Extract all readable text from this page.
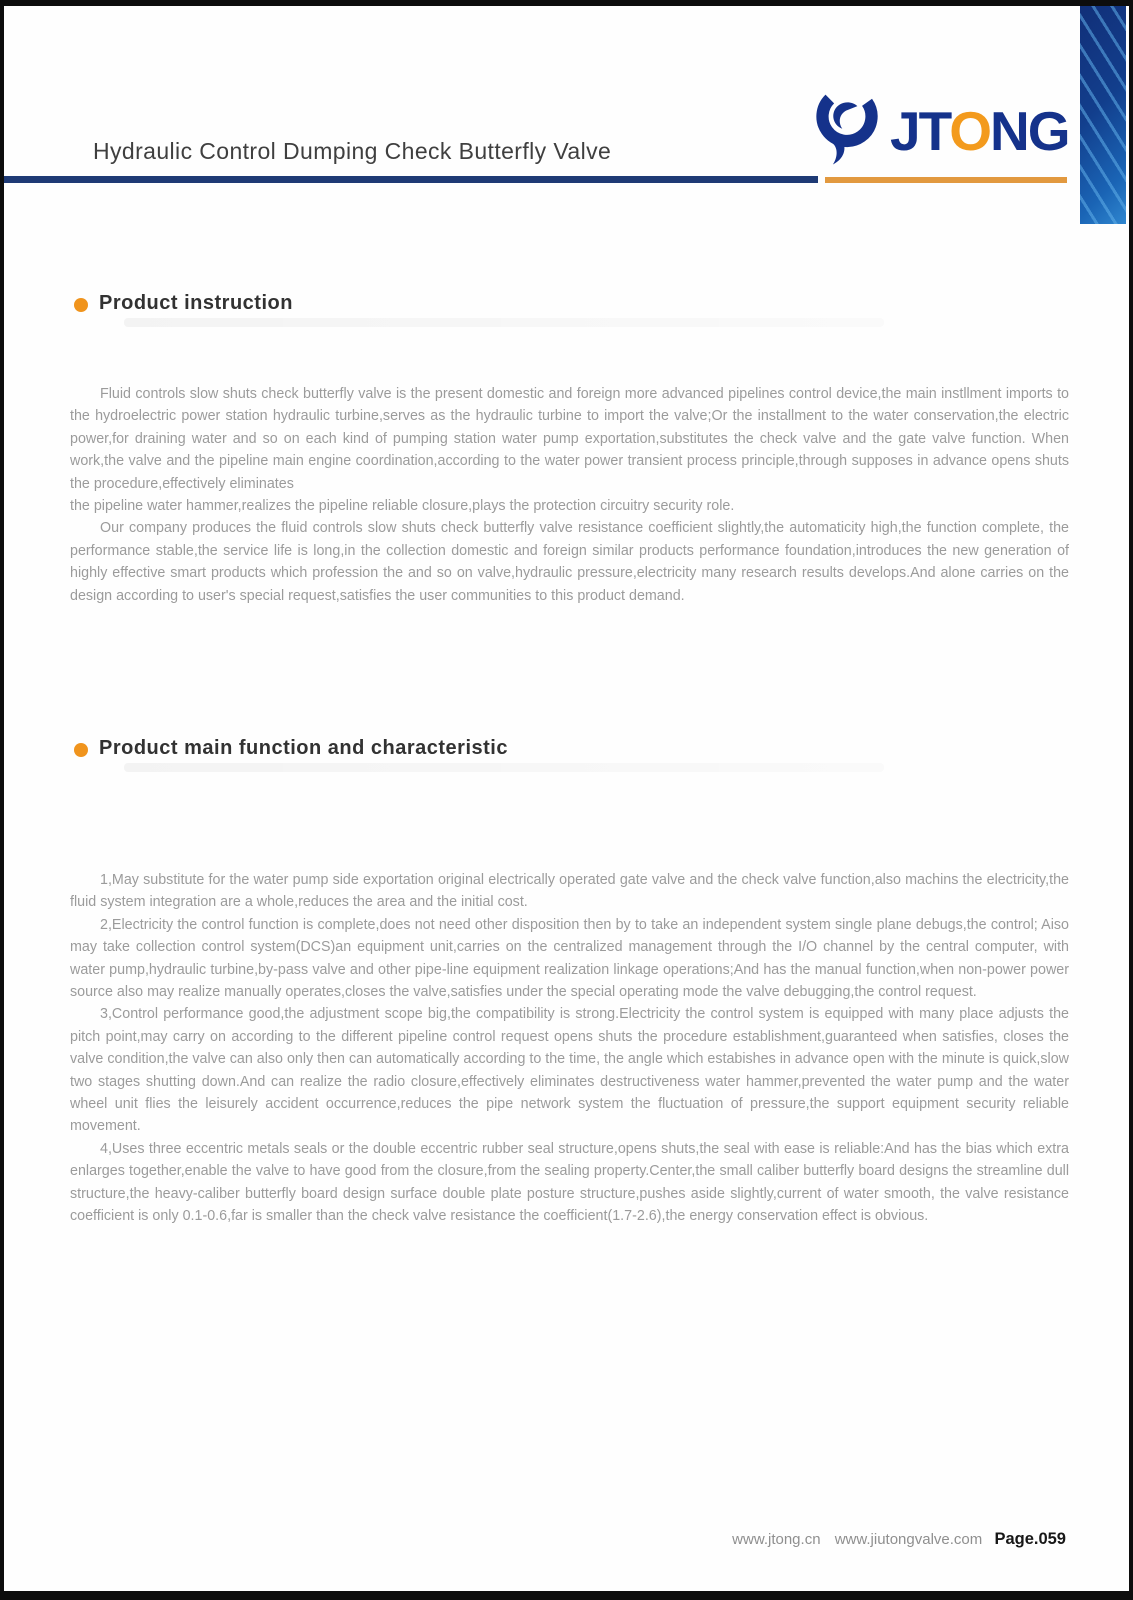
Hydraulic Control Dumping Check Butterfly Valve	JTONG
Product instruction

Fluid controls slow shuts check butterfly valve is the present domestic and foreign more advanced pipelines control device,the main instllment imports to the hydroelectric power station hydraulic turbine,serves as the hydraulic turbine to import the valve;Or the installment to the water conservation,the electric power,for draining water and so on each kind of pumping station water pump exportation,substitutes the check valve and the gate valve function. When work,the valve and the pipeline main engine coordination,according to the water power transient process principle,through supposes in advance opens shuts the procedure,effectively eliminates

the pipeline water hammer,realizes the pipeline reliable closure,plays the protection circuitry security role.

Our company produces the fluid controls slow shuts check butterfly valve resistance coefficient slightly,the automaticity high,the function complete, the performance stable,the service life is long,in the collection domestic and foreign similar products performance foundation,introduces the new generation of highly effective smart products which profession the and so on valve,hydraulic pressure,electricity many research results develops.And alone carries on the design according to user's special request,satisfies the user communities to this product demand.

Product main function and characteristic

1,May substitute for the water pump side exportation original electrically operated gate valve and the check valve function,also machins the electricity,the fluid system integration are a whole,reduces the area and the initial cost.

2,Electricity the control function is complete,does not need other disposition then by to take an independent system single plane debugs,the control; Aiso may take collection control system(DCS)an equipment unit,carries on the centralized management through the I/O channel by the central computer, with water pump,hydraulic turbine,by-pass valve and other pipe-line equipment realization linkage operations;And has the manual function,when non-power power source also may realize manually operates,closes the valve,satisfies under the special operating mode the valve debugging,the control request.

3,Control performance good,the adjustment scope big,the compatibility is strong.Electricity the control system is equipped with many place adjusts the pitch point,may carry on according to the different pipeline control request opens shuts the procedure establishment,guaranteed when satisfies, closes the valve condition,the valve can also only then can automatically according to the time, the angle which estabishes in advance open with the minute is quick,slow two stages shutting down.And can realize the radio closure,effectively eliminates destructiveness water hammer,prevented the water pump and the water wheel unit flies the leisurely accident occurrence,reduces the pipe network system the fluctuation of pressure,the support equipment security reliable movement.

4,Uses three eccentric metals seals or the double eccentric rubber seal structure,opens shuts,the seal with ease is reliable:And has the bias which extra enlarges together,enable the valve to have good from the closure,from the sealing property.Center,the small caliber butterfly board designs the streamline dull structure,the heavy-caliber butterfly board design surface double plate posture structure,pushes aside slightly,current of water smooth, the valve resistance coefficient is only 0.1-0.6,far is smaller than the check valve resistance the coefficient(1.7-2.6),the energy conservation effect is obvious.

www.jtong.cn www.jiutongvalve.com Page.059
